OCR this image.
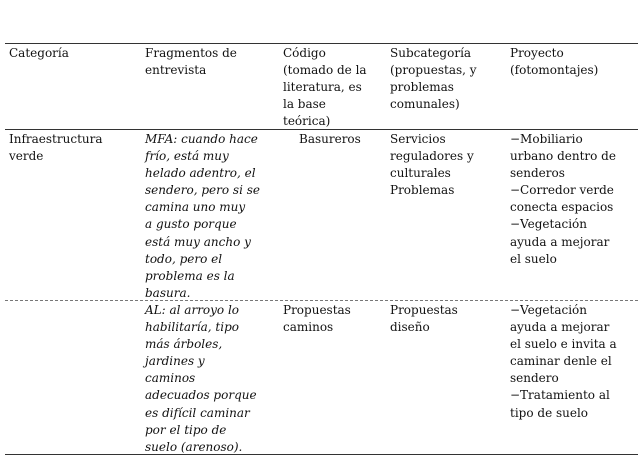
Categoría	Fragmentos de
entrevista
Código
(tomado de la
literatura, es
la base
teórica)
Subcategoría
(propuestas, y
problemas
comunales)
Proyecto
(fotomontajes)
Infraestructura
verde
MFA: cuando hace
frío, está muy
helado adentro, el
sendero, pero si se
camina uno muy
a gusto porque
está muy ancho y
todo, pero el
problema es la
basura.
Basureros	Servicios
reguladores y
culturales
Problemas
−Mobiliario
urbano dentro de
senderos
−Corredor verde
conecta espacios
−Vegetación
ayuda a mejorar
el suelo
AL: al arroyo lo
habilitaría, tipo
más árboles,
jardines y
caminos
adecuados porque
es difícil caminar
por el tipo de
suelo (arenoso).
Propuestas
caminos
Propuestas
diseño
−Vegetación
ayuda a mejorar
el suelo e invita a
caminar denle el
sendero
−Tratamiento al
tipo de suelo
